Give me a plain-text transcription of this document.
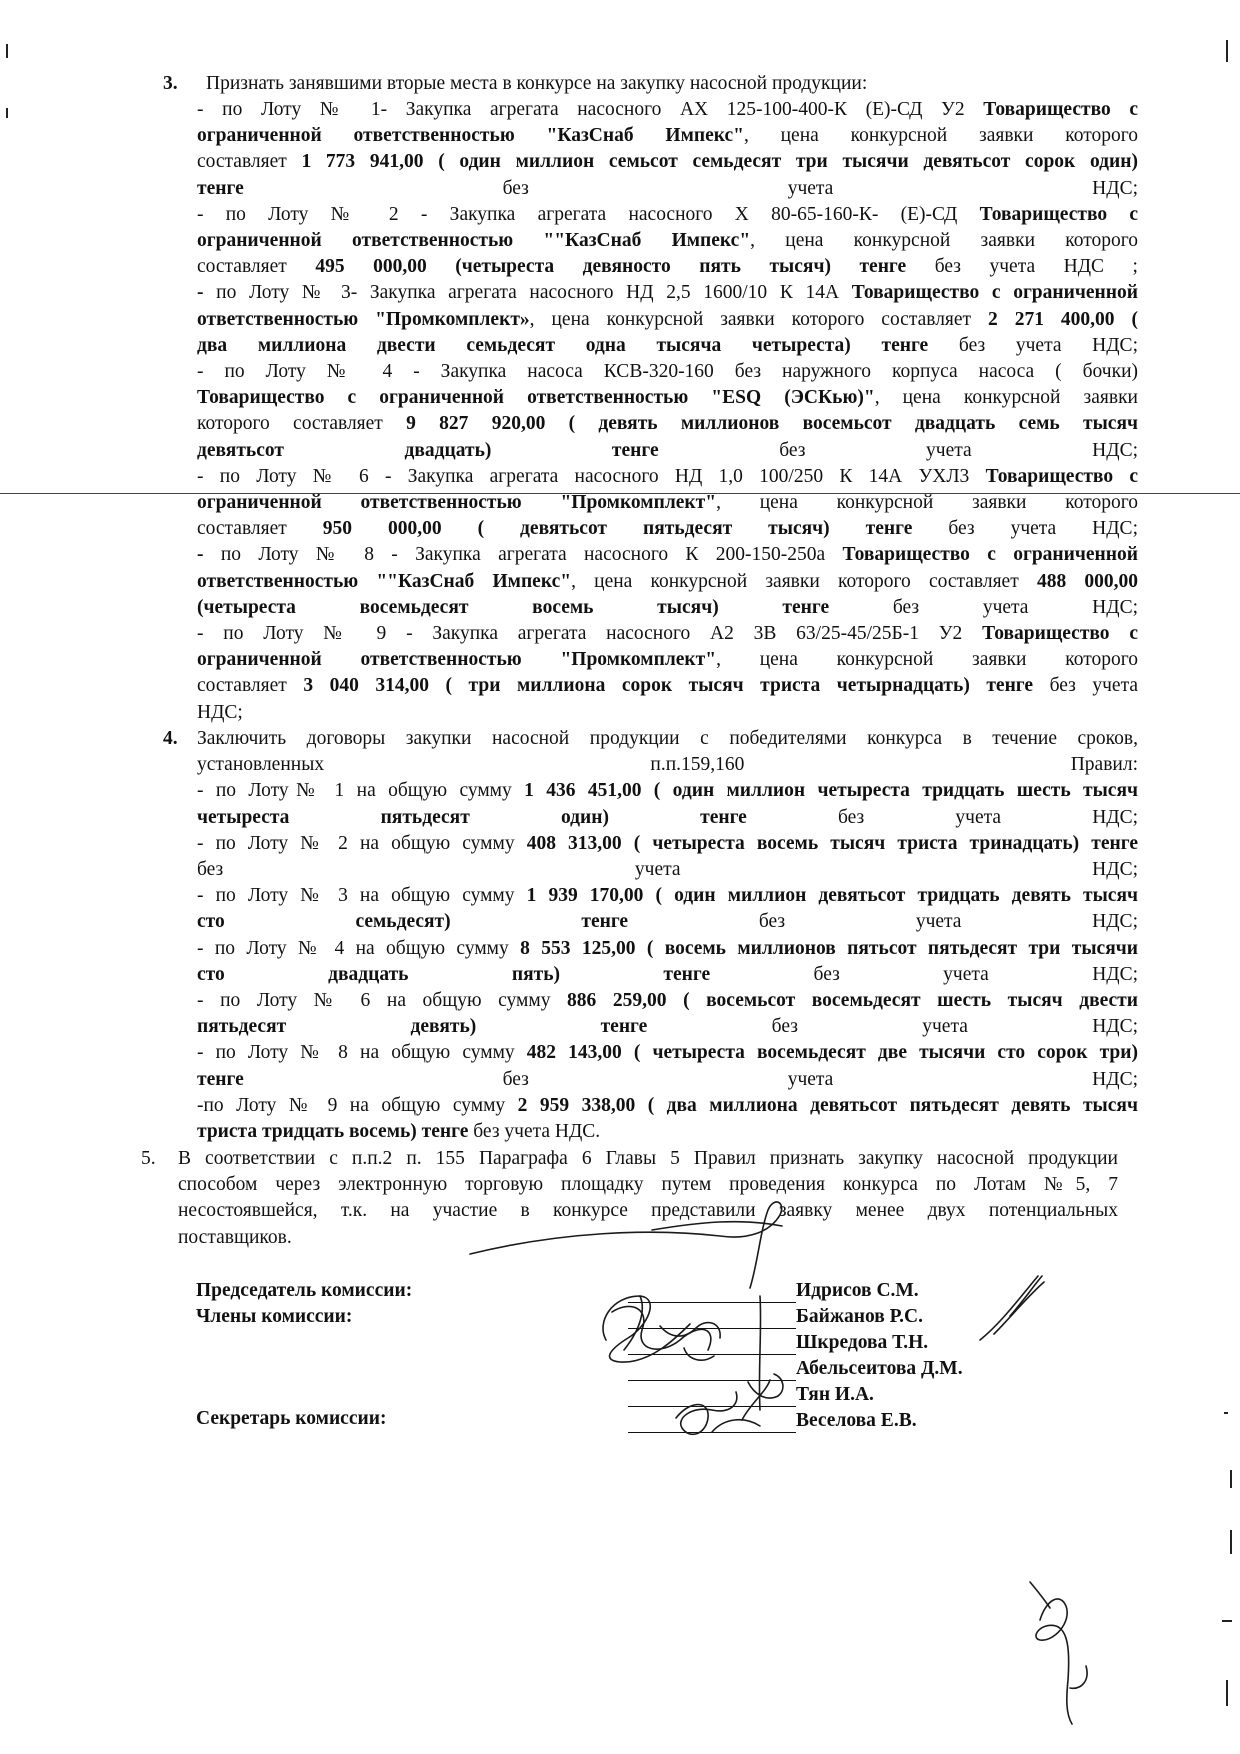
3. Признать занявшими вторые места в конкурсе на закупку насосной продукции:
- по Лоту № 1- Закупка агрегата насосного АХ 125-100-400-К (Е)-СД У2 Товарищество с
ограниченной ответственностью "КазСнаб Импекс", цена конкурсной заявки которого
составляет 1 773 941,00 ( один миллион семьсот семьдесят три тысячи девятьсот сорок один)
тенге без учета НДС;
- по Лоту № 2 - Закупка агрегата насосного Х 80-65-160-К- (Е)-СД Товарищество с
ограниченной ответственностью ""КазСнаб Импекс", цена конкурсной заявки которого
составляет 495 000,00 (четыреста девяносто пять тысяч) тенге без учета НДС ;
- по Лоту № 3- Закупка агрегата насосного НД 2,5 1600/10 К 14А Товарищество с ограниченной
ответственностью "Промкомплект», цена конкурсной заявки которого составляет 2 271 400,00 (
два миллиона двести семьдесят одна тысяча четыреста) тенге без учета НДС;
- по Лоту № 4 - Закупка насоса КСВ-320-160 без наружного корпуса насоса ( бочки)
Товарищество с ограниченной ответственностью "ESQ (ЭСКью)", цена конкурсной заявки
которого составляет 9 827 920,00 ( девять миллионов восемьсот двадцать семь тысяч
девятьсот двадцать) тенге без учета НДС;
- по Лоту № 6 - Закупка агрегата насосного НД 1,0 100/250 К 14А УХЛ3 Товарищество с
ограниченной ответственностью "Промкомплект", цена конкурсной заявки которого
составляет 950 000,00 ( девятьсот пятьдесят тысяч) тенге без учета НДС;
- по Лоту № 8 - Закупка агрегата насосного К 200-150-250а Товарищество с ограниченной
ответственностью ""КазСнаб Импекс", цена конкурсной заявки которого составляет 488 000,00
(четыреста восемьдесят восемь тысяч) тенге без учета НДС;
- по Лоту № 9 - Закупка агрегата насосного А2 3В 63/25-45/25Б-1 У2 Товарищество с
ограниченной ответственностью "Промкомплект", цена конкурсной заявки которого
составляет 3 040 314,00 ( три миллиона сорок тысяч триста четырнадцать) тенге без учета
НДС;
4. Заключить договоры закупки насосной продукции с победителями конкурса в течение сроков,
установленных п.п.159,160 Правил:
- по Лоту№ 1 на общую сумму 1 436 451,00 ( один миллион четыреста тридцать шесть тысяч
четыреста пятьдесят один) тенге без учета НДС;
- по Лоту № 2 на общую сумму 408 313,00 ( четыреста восемь тысяч триста тринадцать) тенге
без учета НДС;
- по Лоту № 3 на общую сумму 1 939 170,00 ( один миллион девятьсот тридцать девять тысяч
сто семьдесят) тенге без учета НДС;
- по Лоту № 4 на общую сумму 8 553 125,00 ( восемь миллионов пятьсот пятьдесят три тысячи
сто двадцать пять) тенге без учета НДС;
- по Лоту № 6 на общую сумму 886 259,00 ( восемьсот восемьдесят шесть тысяч двести
пятьдесят девять) тенге без учета НДС;
- по Лоту № 8 на общую сумму 482 143,00 ( четыреста восемьдесят две тысячи сто сорок три)
тенге без учета НДС;
-по Лоту № 9 на общую сумму 2 959 338,00 ( два миллиона девятьсот пятьдесят девять тысяч
триста тридцать восемь) тенге без учета НДС.
5. В соответствии с п.п.2 п. 155 Параграфа 6 Главы 5 Правил признать закупку насосной продукции
способом через электронную торговую площадку путем проведения конкурса по Лотам №5, 7
несостоявшейся, т.к. на участие в конкурсе представили заявку менее двух потенциальных
поставщиков.
Председатель комиссии:
Члены комиссии:
Секретарь комиссии:
Идрисов С.М.
Байжанов Р.С.
Шкредова Т.Н.
Абельсеитова Д.М.
Тян И.А.
Веселова Е.В.
